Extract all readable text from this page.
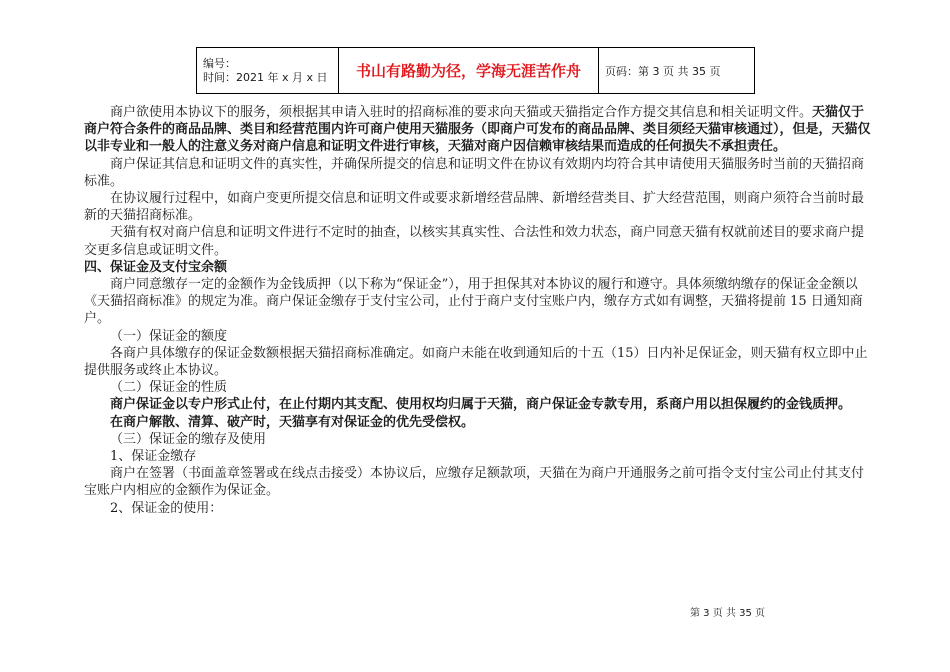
编号：
时间：2021 年 x 月 x 日	书山有路勤为径，学海无涯苦作舟 页码：第 3 页 共 35 页

商户欲使用本协议下的服务，须根据其申请入驻时的招商标准的要求向天猫或天猫指定合作方提交其信息和相关证明文件。天猫仅于商户符合条件的商品品牌、类目和经营范围内许可商户使用天猫服务（即商户可发布的商品品牌、类目须经天猫审核通过），但是，天猫仅以非专业和一般人的注意义务对商户信息和证明文件进行审核，天猫对商户因信赖审核结果而造成的任何损失不承担责任。

商户保证其信息和证明文件的真实性，并确保所提交的信息和证明文件在协议有效期内均符合其申请使用天猫服务时当前的天猫招商标准。

在协议履行过程中，如商户变更所提交信息和证明文件或要求新增经营品牌、新增经营类目、扩大经营范围，则商户须符合当前时最新的天猫招商标准。

天猫有权对商户信息和证明文件进行不定时的抽查，以核实其真实性、合法性和效力状态，商户同意天猫有权就前述目的要求商户提交更多信息或证明文件。

四、保证金及支付宝余额

商户同意缴存一定的金额作为金钱质押（以下称为“保证金”），用于担保其对本协议的履行和遵守。具体须缴纳缴存的保证金金额以《天猫招商标准》的规定为准。商户保证金缴存于支付宝公司，止付于商户支付宝账户内，缴存方式如有调整，天猫将提前 15 日通知商户。

（一）保证金的额度

各商户具体缴存的保证金数额根据天猫招商标准确定。如商户未能在收到通知后的十五（15）日内补足保证金，则天猫有权立即中止提供服务或终止本协议。

（二）保证金的性质

商户保证金以专户形式止付，在止付期内其支配、使用权均归属于天猫，商户保证金专款专用，系商户用以担保履约的金钱质押。

在商户解散、清算、破产时，天猫享有对保证金的优先受偿权。

（三）保证金的缴存及使用

1、保证金缴存

商户在签署（书面盖章签署或在线点击接受）本协议后，应缴存足额款项，天猫在为商户开通服务之前可指令支付宝公司止付其支付宝账户内相应的金额作为保证金。

2、保证金的使用：

第 3 页 共 35 页
